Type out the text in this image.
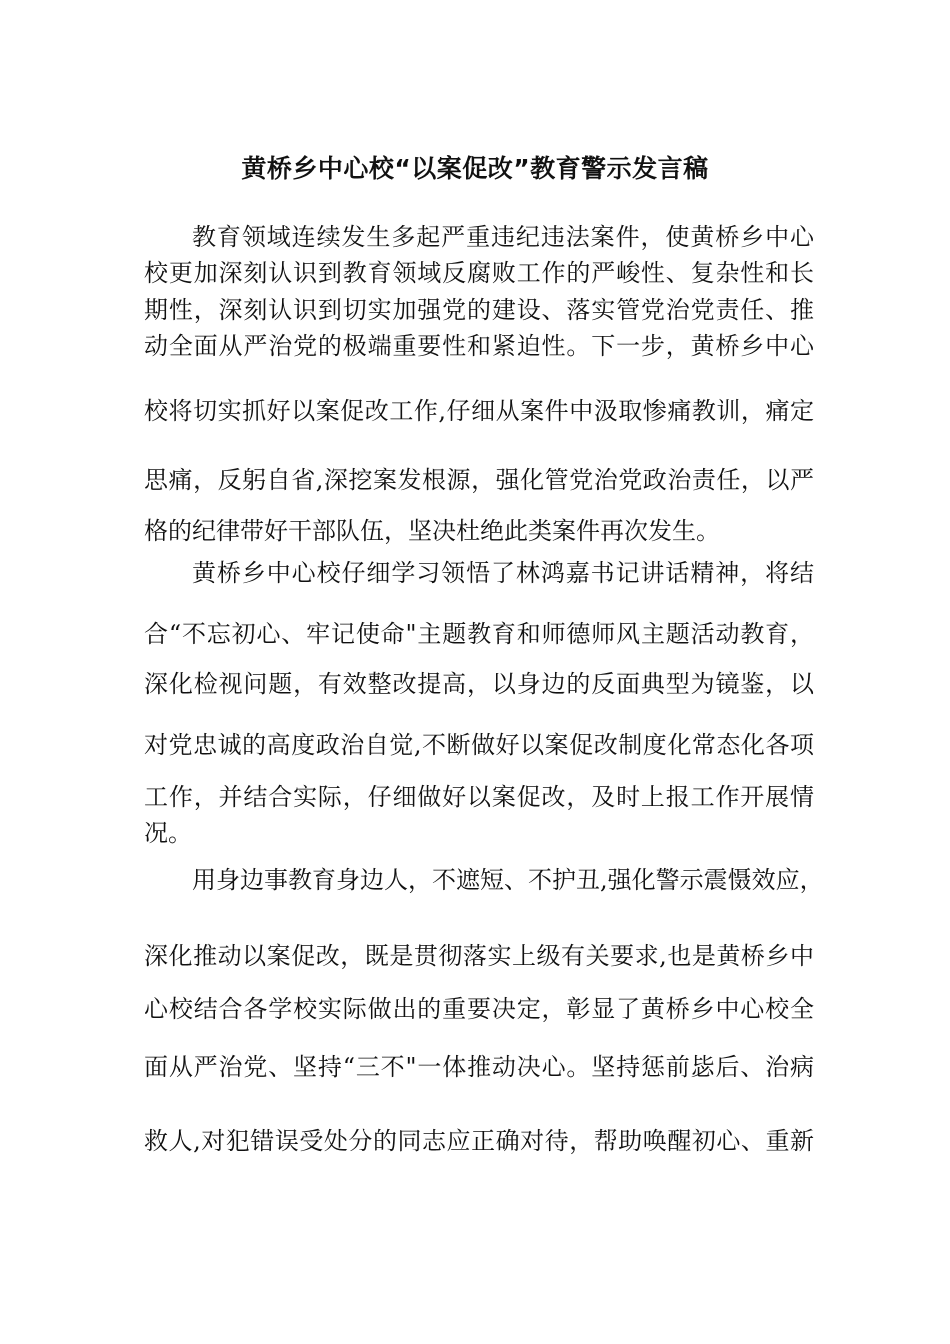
黄桥乡中心校“以案促改”教育警示发言稿
教育领域连续发生多起严重违纪违法案件，使黄桥乡中心
校更加深刻认识到教育领域反腐败工作的严峻性、复杂性和长
期性，深刻认识到切实加强党的建设、落实管党治党责任、推
动全面从严治党的极端重要性和紧迫性。下一步，黄桥乡中心
校将切实抓好以案促改工作,仔细从案件中汲取惨痛教训，痛定
思痛，反躬自省,深挖案发根源，强化管党治党政治责任，以严
格的纪律带好干部队伍，坚决杜绝此类案件再次发生。
黄桥乡中心校仔细学习领悟了林鸿嘉书记讲话精神，将结
合“不忘初心、牢记使命"主题教育和师德师风主题活动教育，
深化检视问题，有效整改提高，以身边的反面典型为镜鉴，以
对党忠诚的高度政治自觉,不断做好以案促改制度化常态化各项
工作，并结合实际，仔细做好以案促改，及时上报工作开展情
况。
用身边事教育身边人，不遮短、不护丑,强化警示震慑效应，
深化推动以案促改，既是贯彻落实上级有关要求,也是黄桥乡中
心校结合各学校实际做出的重要决定，彰显了黄桥乡中心校全
面从严治党、坚持“三不"一体推动决心。坚持惩前毖后、治病
救人,对犯错误受处分的同志应正确对待，帮助唤醒初心、重新
